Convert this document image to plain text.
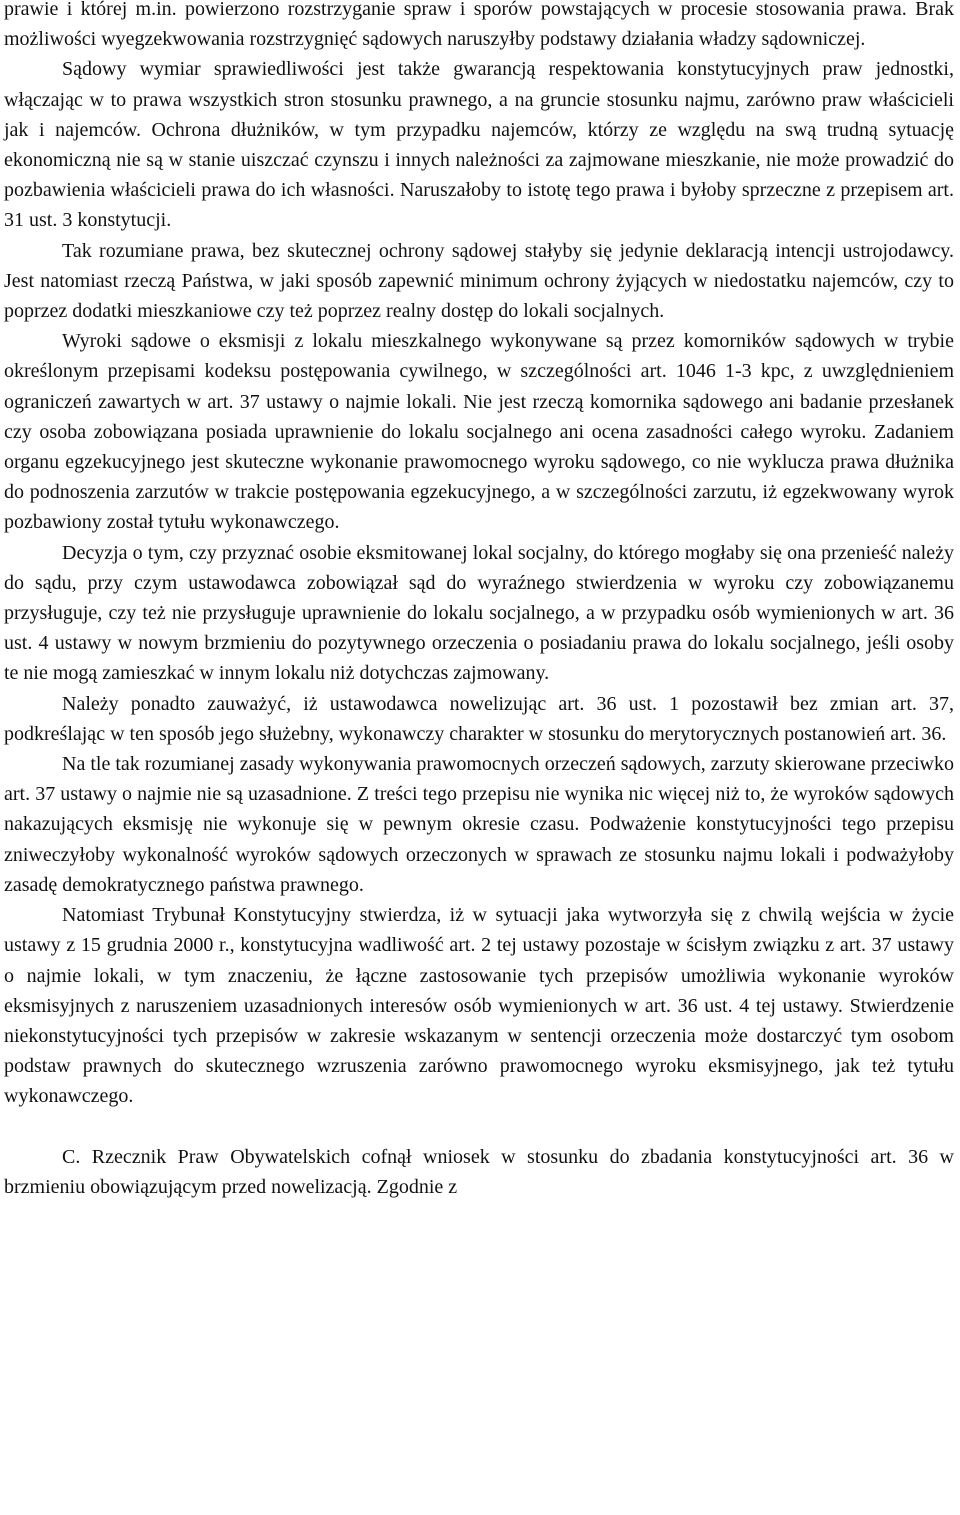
prawie i której m.in. powierzono rozstrzyganie spraw i sporów powstających w procesie stosowania prawa. Brak możliwości wyegzekwowania rozstrzygnięć sądowych naruszyłby podstawy działania władzy sądowniczej.

Sądowy wymiar sprawiedliwości jest także gwarancją respektowania konstytucyjnych praw jednostki, włączając w to prawa wszystkich stron stosunku prawnego, a na gruncie stosunku najmu, zarówno praw właścicieli jak i najemców. Ochrona dłużników, w tym przypadku najemców, którzy ze względu na swą trudną sytuację ekonomiczną nie są w stanie uiszczać czynszu i innych należności za zajmowane mieszkanie, nie może prowadzić do pozbawienia właścicieli prawa do ich własności. Naruszałoby to istotę tego prawa i byłoby sprzeczne z przepisem art. 31 ust. 3 konstytucji.

Tak rozumiane prawa, bez skutecznej ochrony sądowej stałyby się jedynie deklaracją intencji ustrojodawcy. Jest natomiast rzeczą Państwa, w jaki sposób zapewnić minimum ochrony żyjących w niedostatku najemców, czy to poprzez dodatki mieszkaniowe czy też poprzez realny dostęp do lokali socjalnych.

Wyroki sądowe o eksmisji z lokalu mieszkalnego wykonywane są przez komorników sądowych w trybie określonym przepisami kodeksu postępowania cywilnego, w szczególności art. 1046 1-3 kpc, z uwzględnieniem ograniczeń zawartych w art. 37 ustawy o najmie lokali. Nie jest rzeczą komornika sądowego ani badanie przesłanek czy osoba zobowiązana posiada uprawnienie do lokalu socjalnego ani ocena zasadności całego wyroku. Zadaniem organu egzekucyjnego jest skuteczne wykonanie prawomocnego wyroku sądowego, co nie wyklucza prawa dłużnika do podnoszenia zarzutów w trakcie postępowania egzekucyjnego, a w szczególności zarzutu, iż egzekwowany wyrok pozbawiony został tytułu wykonawczego.

Decyzja o tym, czy przyznać osobie eksmitowanej lokal socjalny, do którego mogłaby się ona przenieść należy do sądu, przy czym ustawodawca zobowiązał sąd do wyraźnego stwierdzenia w wyroku czy zobowiązanemu przysługuje, czy też nie przysługuje uprawnienie do lokalu socjalnego, a w przypadku osób wymienionych w art. 36 ust. 4 ustawy w nowym brzmieniu do pozytywnego orzeczenia o posiadaniu prawa do lokalu socjalnego, jeśli osoby te nie mogą zamieszkać w innym lokalu niż dotychczas zajmowany.

Należy ponadto zauważyć, iż ustawodawca nowelizując art. 36 ust. 1 pozostawił bez zmian art. 37, podkreślając w ten sposób jego służebny, wykonawczy charakter w stosunku do merytorycznych postanowień art. 36.

Na tle tak rozumianej zasady wykonywania prawomocnych orzeczeń sądowych, zarzuty skierowane przeciwko art. 37 ustawy o najmie nie są uzasadnione. Z treści tego przepisu nie wynika nic więcej niż to, że wyroków sądowych nakazujących eksmisję nie wykonuje się w pewnym okresie czasu. Podważenie konstytucyjności tego przepisu zniweczyłoby wykonalność wyroków sądowych orzeczonych w sprawach ze stosunku najmu lokali i podważyłoby zasadę demokratycznego państwa prawnego.

Natomiast Trybunał Konstytucyjny stwierdza, iż w sytuacji jaka wytworzyła się z chwilą wejścia w życie ustawy z 15 grudnia 2000 r., konstytucyjna wadliwość art. 2 tej ustawy pozostaje w ścisłym związku z art. 37 ustawy o najmie lokali, w tym znaczeniu, że łączne zastosowanie tych przepisów umożliwia wykonanie wyroków eksmisyjnych z naruszeniem uzasadnionych interesów osób wymienionych w art. 36 ust. 4 tej ustawy. Stwierdzenie niekonstytucyjności tych przepisów w zakresie wskazanym w sentencji orzeczenia może dostarczyć tym osobom podstaw prawnych do skutecznego wzruszenia zarówno prawomocnego wyroku eksmisyjnego, jak też tytułu wykonawczego.

C. Rzecznik Praw Obywatelskich cofnął wniosek w stosunku do zbadania konstytucyjności art. 36 w brzmieniu obowiązującym przed nowelizacją. Zgodnie z
